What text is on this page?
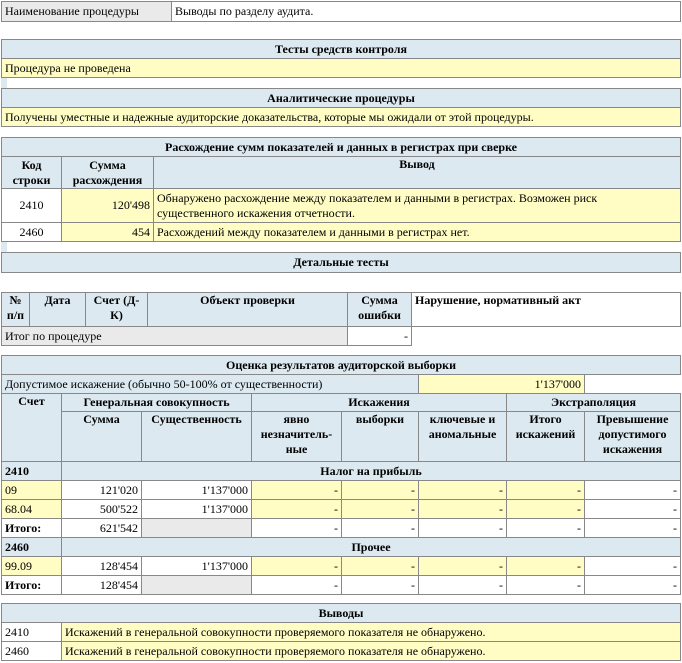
Наименование процедуры	Выводы по разделу аудита.
Тесты средств контроля
Процедура не проведена
Аналитические процедуры
Получены уместные и надежные аудиторские доказательства, которые мы ожидали от этой процедуры.
Расхождение сумм показателей и данных в регистрах при сверке		
Код строки	Сумма расхождения	Вывод
2410	120'498	Обнаружено расхождение между показателем и данными в регистрах. Возможен риск существенного искажения отчетности.
2460	454	Расхождений между показателем и данными в регистрах нет.
Детальные тесты					

№ п/п	Дата	Счет (Д-К)	Объект проверки	Сумма ошибки	Нарушение, нормативный акт
Итог по процедуре				-	
Оценка результатов аудиторской выборки							
Допустимое искажение (обычно 50-100% от существенности)					1'137'000		
Счет	Генеральная совокупность		Искажения			Экстраполяция	
	Сумма	Существенность	явно незначитель-ные	выборки	ключевые и аномальные	Итого искажений	Превышение допустимого искажения
2410	Налог на прибыль						
09	121'020	1'137'000	-	-	-	-	-
68.04	500'522	1'137'000	-	-	-	-	-
Итого:	621'542		-	-	-	-	-
2460	Прочее						
99.09	128'454	1'137'000	-	-	-	-	-
Итого:	128'454		-	-	-	-	-
Выводы	
2410	Искажений в генеральной совокупности проверяемого показателя не обнаружено.
2460	Искажений в генеральной совокупности проверяемого показателя не обнаружено.
